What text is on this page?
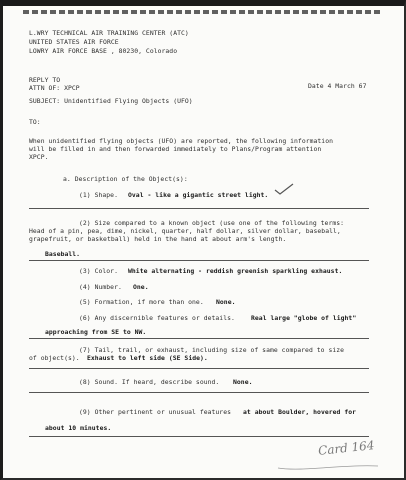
L.WRY TECHNICAL AIR TRAINING CENTER (ATC)
UNITED STATES AIR FORCE
LOWRY AIR FORCE BASE , 80230, Colorado
REPLY TO
ATTN OF: XPCP	Date 4 March 67
SUBJECT: Unidentified Flying Objects (UFO)
TO:
When unidentified flying objects (UFO) are reported, the following information
will be filled in and then forwarded immediately to Plans/Program attention
XPCP.
a. Description of the Object(s):
(1) Shape. Oval - like a gigantic street light.
(2) Size compared to a known object (use one of the following terms:
Head of a pin, pea, dime, nickel, quarter, half dollar, silver dollar, baseball,
grapefruit, or basketball) held in the hand at about arm's length.
Baseball.
(3) Color. White alternating - reddish greenish sparkling exhaust.
(4) Number. One.
(5) Formation, if more than one. None.
(6) Any discernible features or details.	Real large "globe of light"
approaching from SE to NW.
(7) Tail, trail, or exhaust, including size of same compared to size
of object(s). Exhaust to left side (SE Side).
(8) Sound. If heard, describe sound. None.
(9) Other pertinent or unusual features at about Boulder, hovered for
about 10 minutes.
Card 164
